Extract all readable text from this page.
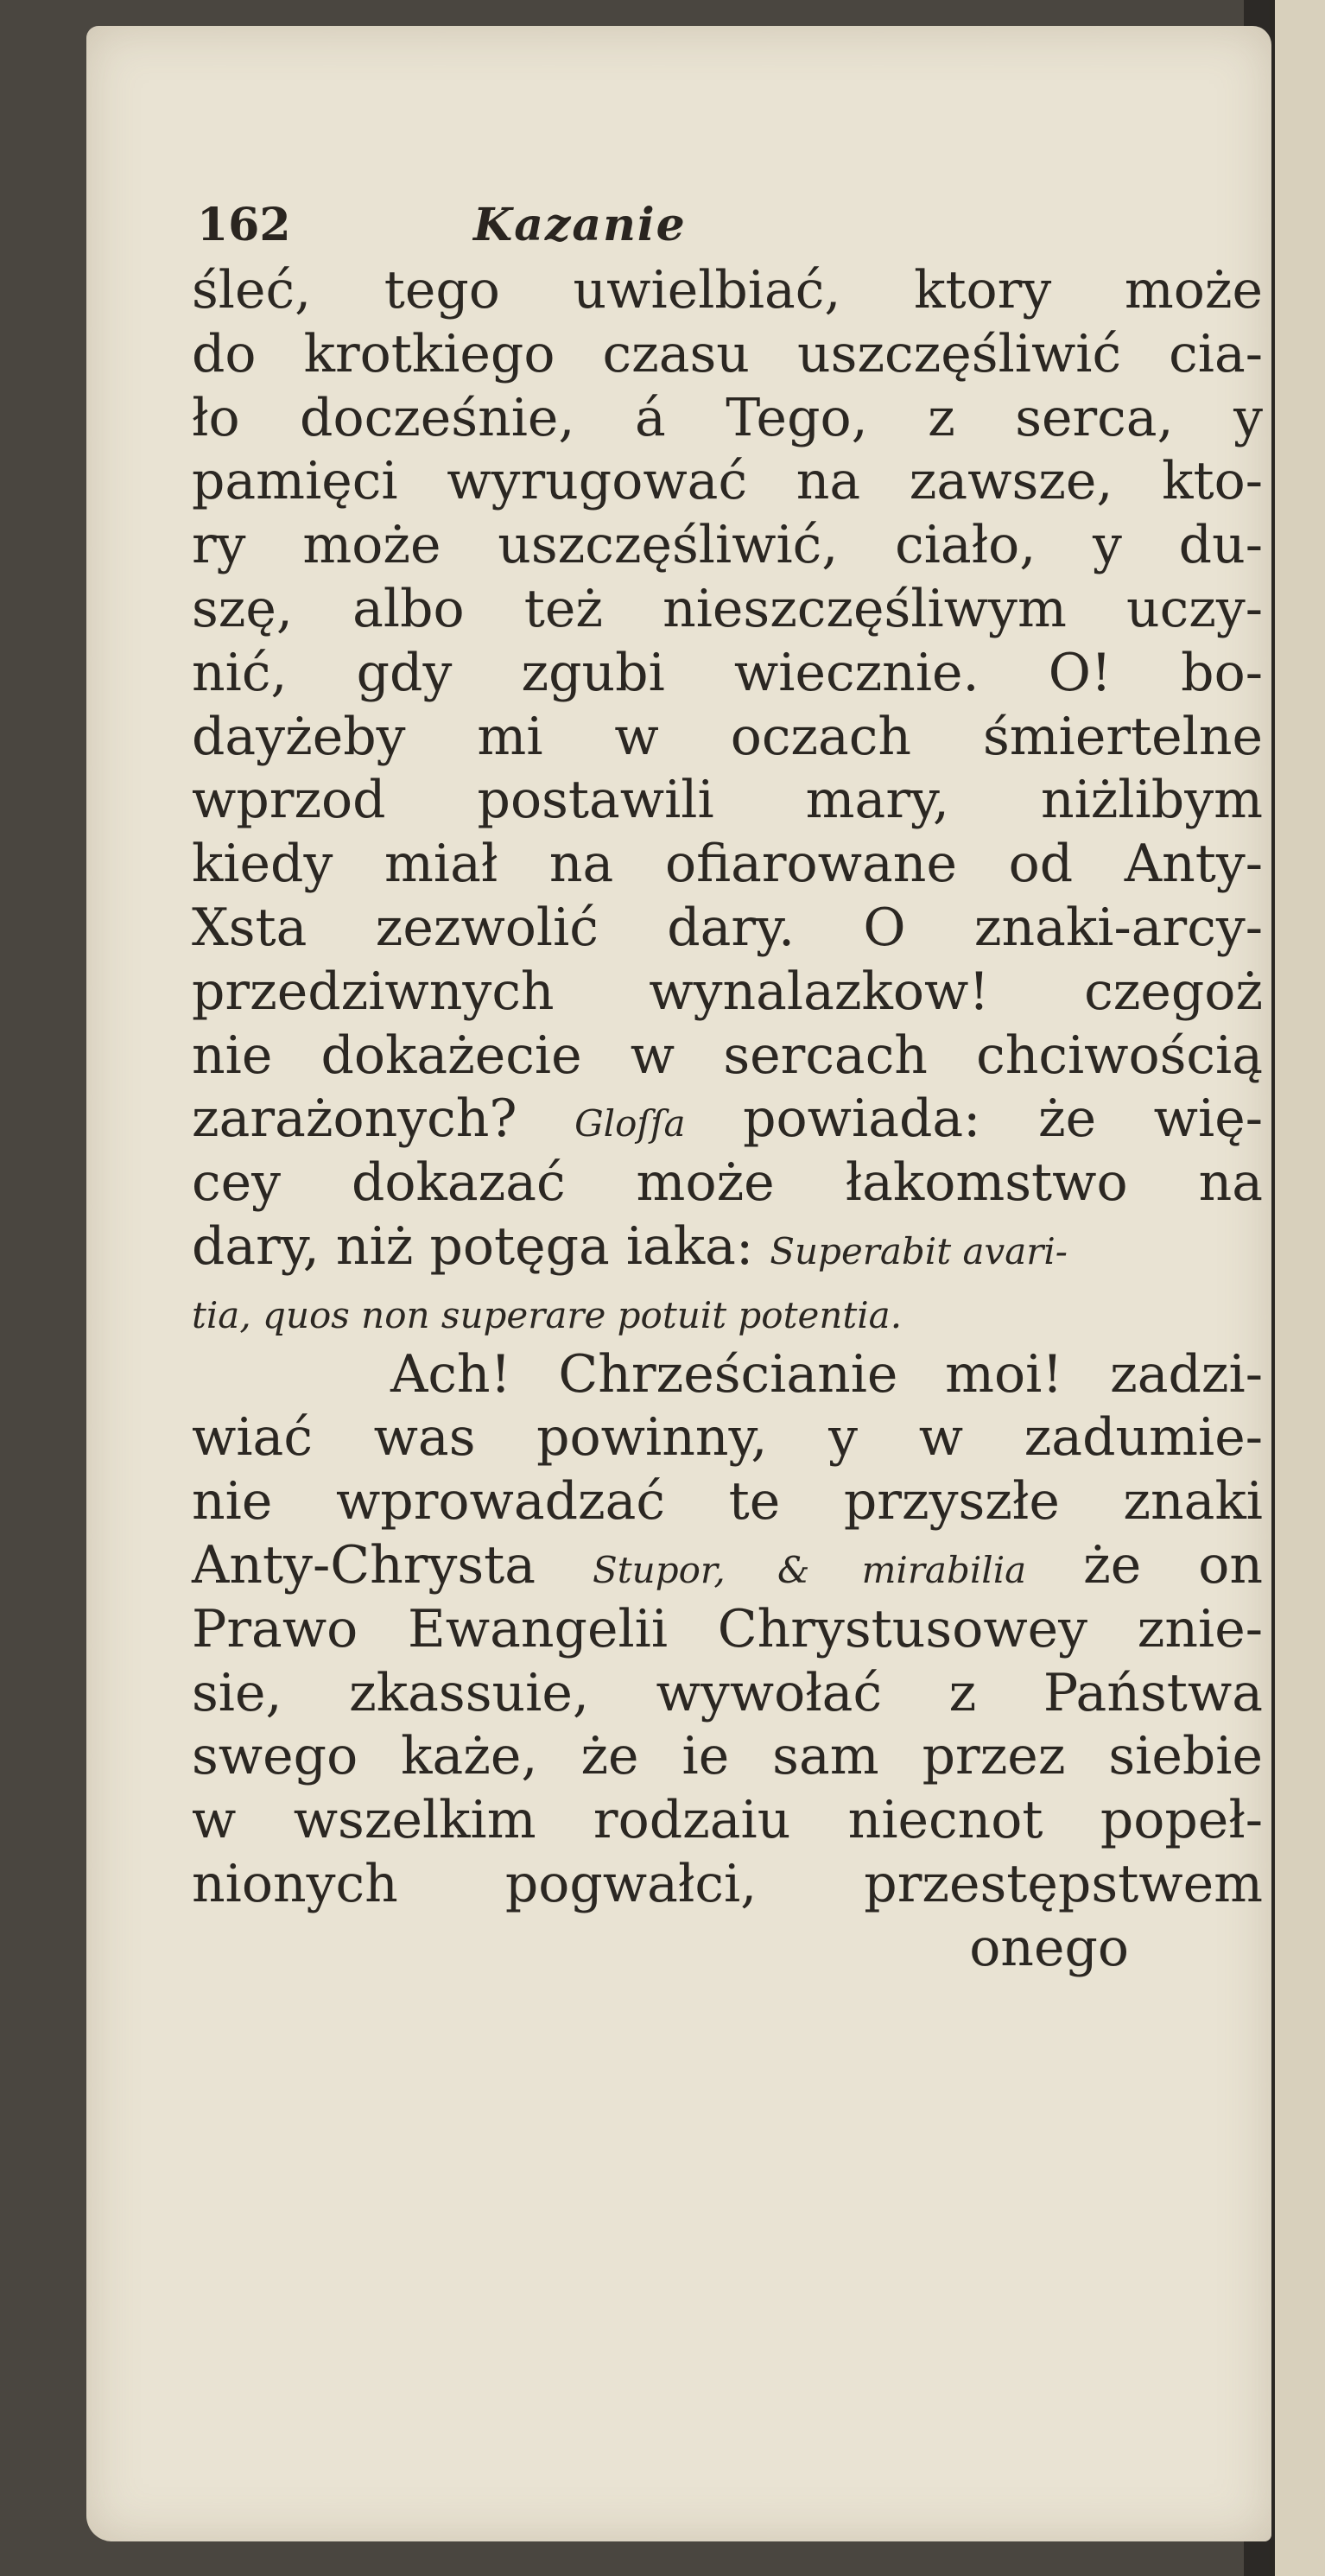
162	Kazanie
śleć, tego uwielbiać, ktory może
do krotkiego czasu uszczęśliwić cia-
ło docześnie, á Tego, z serca, y
pamięci wyrugować na zawsze, kto-
ry może uszczęśliwić, ciało, y du-
szę, albo też nieszczęśliwym uczy-
nić, gdy zgubi wiecznie. O! bo-
dayżeby mi w oczach śmiertelne
wprzod postawili mary, niżlibym
kiedy miał na ofiarowane od Anty-
Xsta zezwolić dary. O znaki-arcy-
przedziwnych wynalazkow! czegoż
nie dokażecie w sercach chciwością
zarażonych? Gloſſa powiada: że wię-
cey dokazać może łakomstwo na
dary, niż potęga iaka: Superabit avari-
tia, quos non superare potuit potentia.
Ach! Chrześcianie moi! zadzi-
wiać was powinny, y w zadumie-
nie wprowadzać te przyszłe znaki
Anty-Chrysta Stupor, & mirabilia że on
Prawo Ewangelii Chrystusowey znie-
sie, zkassuie, wywołać z Państwa
swego każe, że ie sam przez siebie
w wszelkim rodzaiu niecnot popeł-
nionych pogwałci, przestępstwem
onego
